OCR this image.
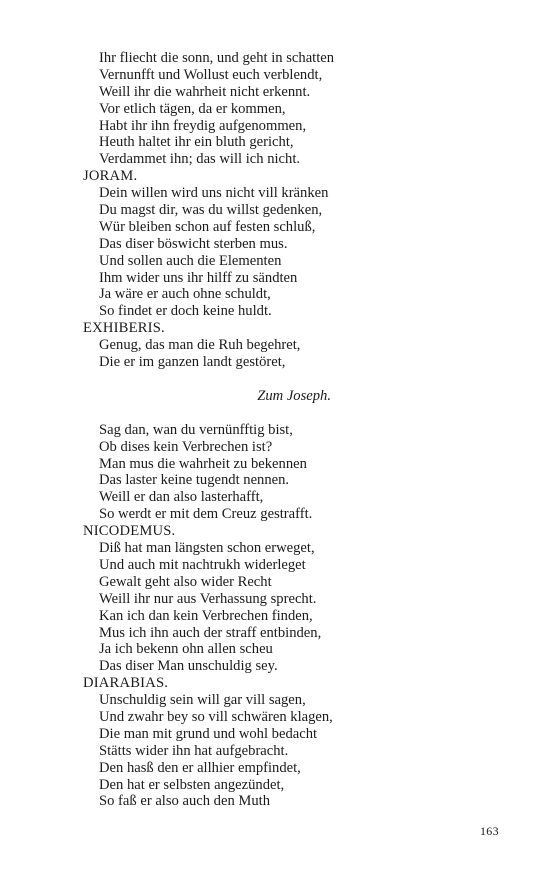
Ihr fliecht die sonn, und geht in schatten
Vernunfft und Wollust euch verblendt,
Weill ihr die wahrheit nicht erkennt.
Vor etlich tägen, da er kommen,
Habt ihr ihn freydig aufgenommen,
Heuth haltet ihr ein bluth gericht,
Verdammet ihn; das will ich nicht.
JORAM.
Dein willen wird uns nicht vill kränken
Du magst dir, was du willst gedenken,
Wür bleiben schon auf festen schluß,
Das diser böswicht sterben mus.
Und sollen auch die Elementen
Ihm wider uns ihr hilff zu sändten
Ja wäre er auch ohne schuldt,
So findet er doch keine huldt.
EXHIBERIS.
Genug, das man die Ruh begehret,
Die er im ganzen landt gestöret,
Zum Joseph.
Sag dan, wan du vernünfftig bist,
Ob dises kein Verbrechen ist?
Man mus die wahrheit zu bekennen
Das laster keine tugendt nennen.
Weill er dan also lasterhafft,
So werdt er mit dem Creuz gestrafft.
NICODEMUS.
Diß hat man längsten schon erweget,
Und auch mit nachtrukh widerleget
Gewalt geht also wider Recht
Weill ihr nur aus Verhassung sprecht.
Kan ich dan kein Verbrechen finden,
Mus ich ihn auch der straff entbinden,
Ja ich bekenn ohn allen scheu
Das diser Man unschuldig sey.
DIARABIAS.
Unschuldig sein will gar vill sagen,
Und zwahr bey so vill schwären klagen,
Die man mit grund und wohl bedacht
Stätts wider ihn hat aufgebracht.
Den hasß den er allhier empfindet,
Den hat er selbsten angezündet,
So faß er also auch den Muth
163
